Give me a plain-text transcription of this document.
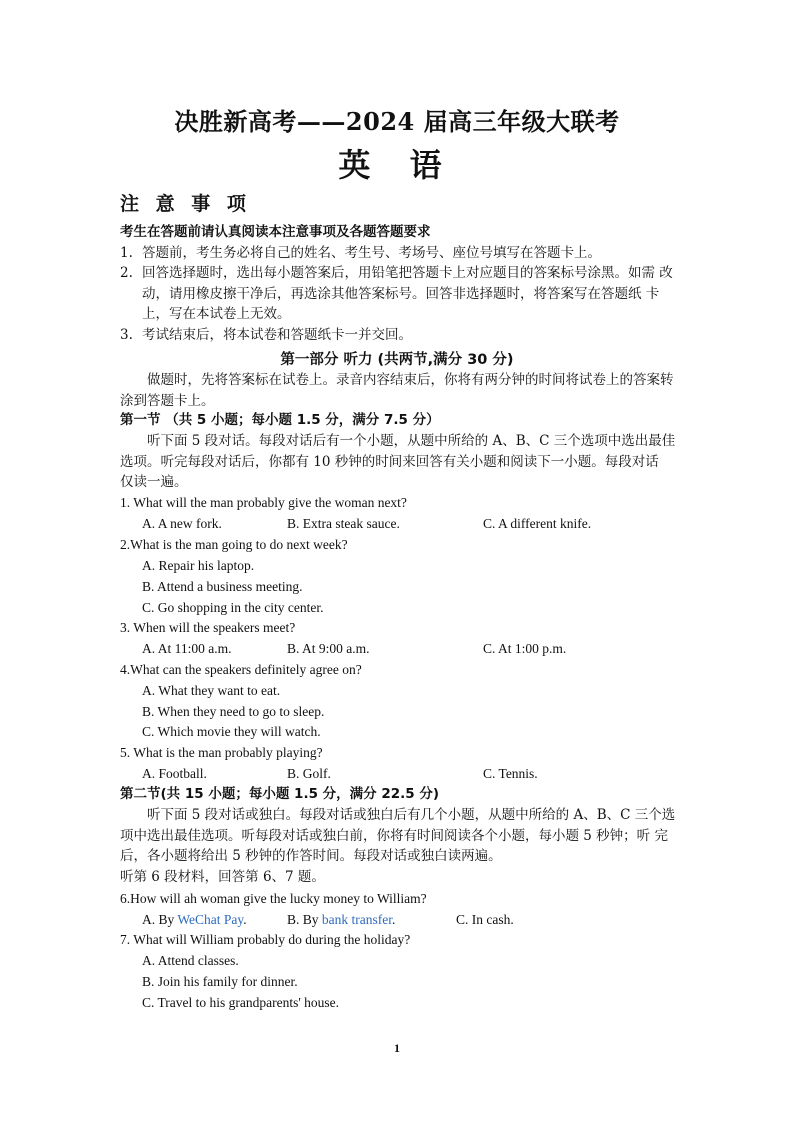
决胜新高考——2024 届高三年级大联考
英 语
注 意 事 项
考生在答题前请认真阅读本注意事项及各题答题要求
1. 答题前，考生务必将自己的姓名、考生号、考场号、座位号填写在答题卡上。
2. 回答选择题时，选出每小题答案后，用铅笔把答题卡上对应题目的答案标号涂黑。如需 改动，请用橡皮擦干净后，再选涂其他答案标号。回答非选择题时，将答案写在答题纸 卡上，写在本试卷上无效。
3. 考试结束后，将本试卷和答题纸卡一并交回。
第一部分 听力 (共两节,满分 30 分)
做题时，先将答案标在试卷上。录音内容结束后，你将有两分钟的时间将试卷上的答案转涂到答题卡上。
第一节 （共 5 小题；每小题 1.5 分，满分 7.5 分）
听下面 5 段对话。每段对话后有一个小题，从题中所给的 A、B、C 三个选项中选出最佳 选项。听完每段对话后，你都有 10 秒钟的时间来回答有关小题和阅读下一小题。每段对话 仅读一遍。
1. What will the man probably give the woman next?
A. A new fork.	B. Extra steak sauce.	C. A different knife.
2.What is the man going to do next week?
A. Repair his laptop.
B. Attend a business meeting.
C. Go shopping in the city center.
3. When will the speakers meet?
A. At 11:00 a.m.	B. At 9:00 a.m.	C. At 1:00 p.m.
4.What can the speakers definitely agree on?
A. What they want to eat.
B. When they need to go to sleep.
C. Which movie they will watch.
5. What is the man probably playing?
A. Football.	B. Golf.	C. Tennis.
第二节(共 15 小题；每小题 1.5 分，满分 22.5 分)
听下面 5 段对话或独白。每段对话或独白后有几个小题，从题中所给的 A、B、C 三个选项中选出最佳选项。听每段对话或独白前，你将有时间阅读各个小题，每小题 5 秒钟；听 完后，各小题将给出 5 秒钟的作答时间。每段对话或独白读两遍。
听第 6 段材料，回答第 6、7 题。
6.How will ah woman give the lucky money to William?
A. By WeChat Pay.	B. By bank transfer.	C. In cash.
7. What will William probably do during the holiday?
A. Attend classes.
B. Join his family for dinner.
C. Travel to his grandparents' house.
1
